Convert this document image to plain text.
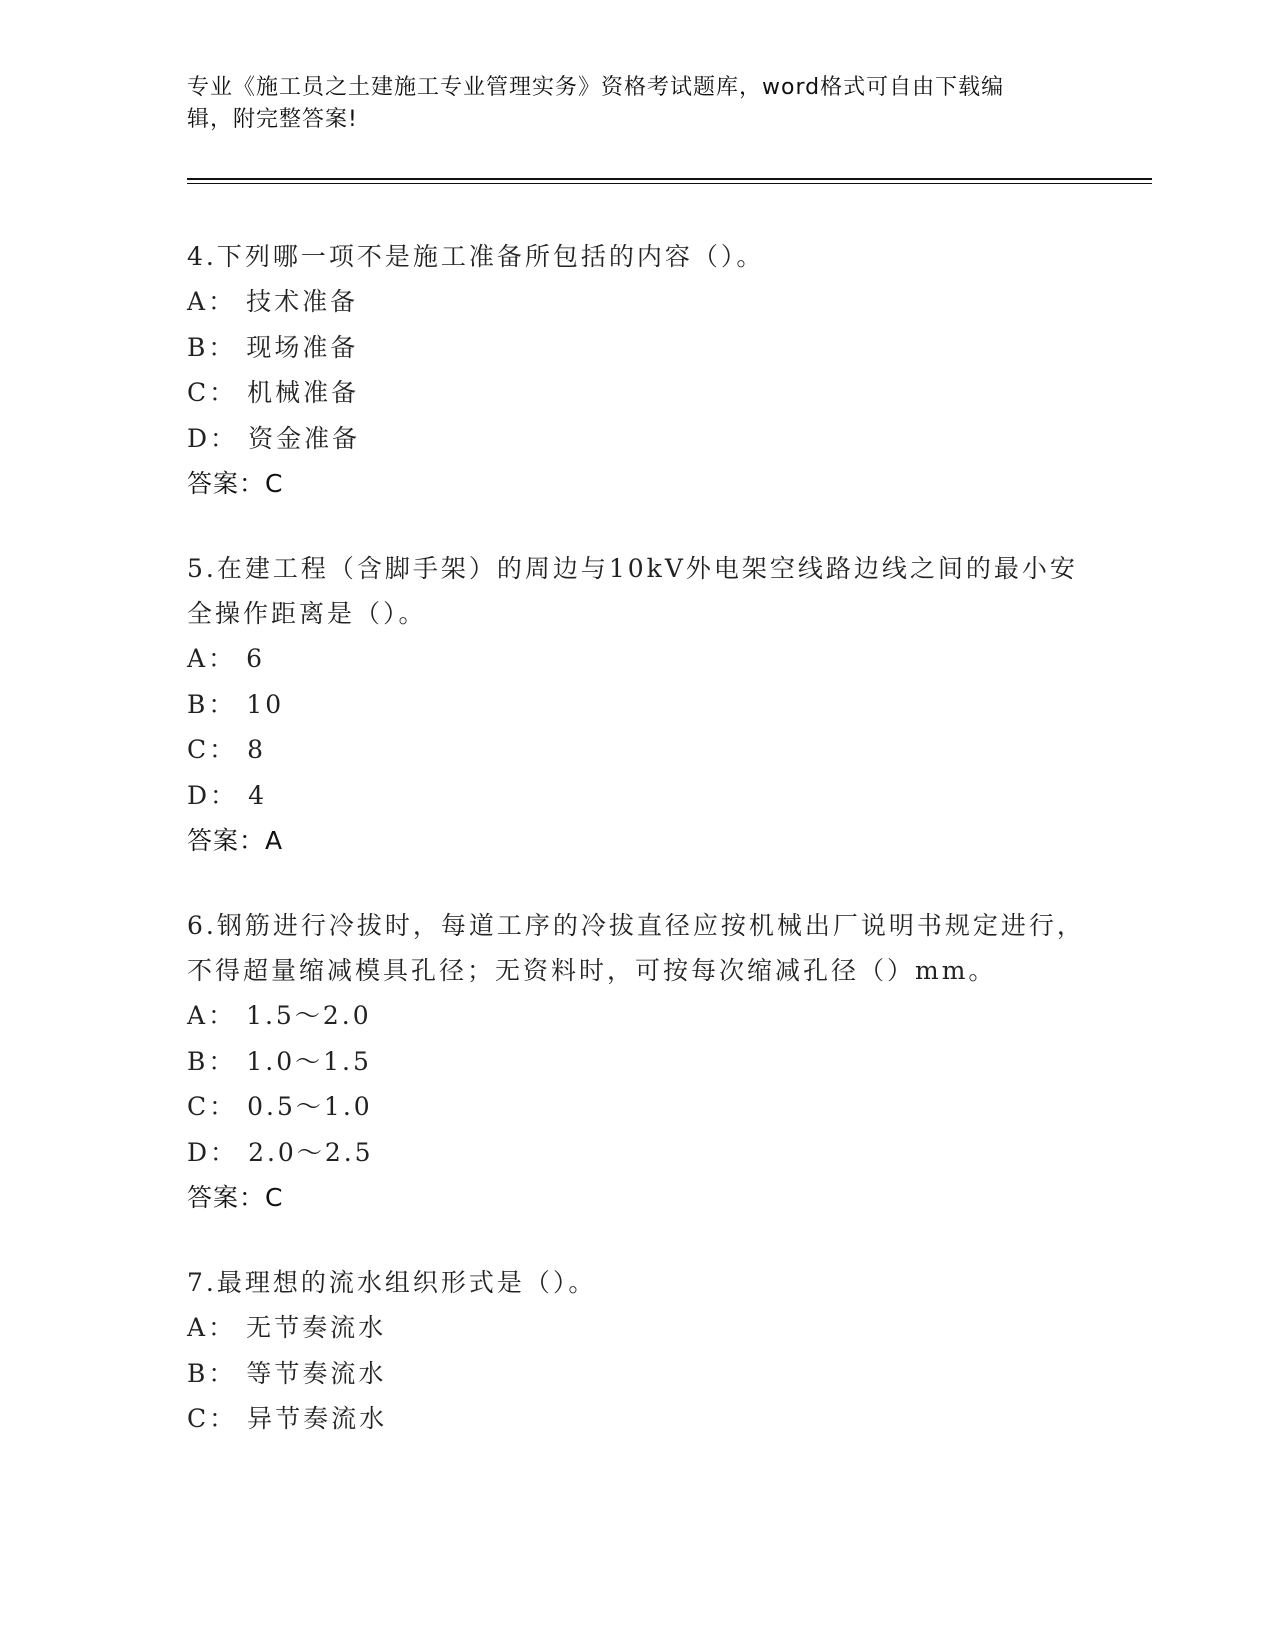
专业《施工员之土建施工专业管理实务》资格考试题库，word格式可自由下载编
辑，附完整答案!

4.下列哪一项不是施工准备所包括的内容（）。

A： 技术准备

B： 现场准备

C： 机械准备

D： 资金准备

答案：C

5.在建工程（含脚手架）的周边与10kV外电架空线路边线之间的最小安全操作距离是（）。

A： 6

B： 10

C： 8

D： 4

答案：A

6.钢筋进行冷拔时，每道工序的冷拔直径应按机械出厂说明书规定进行，不得超量缩减模具孔径；无资料时，可按每次缩减孔径（）mm。

A： 1.5～2.0

B： 1.0～1.5

C： 0.5～1.0

D： 2.0～2.5

答案：C

7.最理想的流水组织形式是（）。

A： 无节奏流水

B： 等节奏流水

C： 异节奏流水
